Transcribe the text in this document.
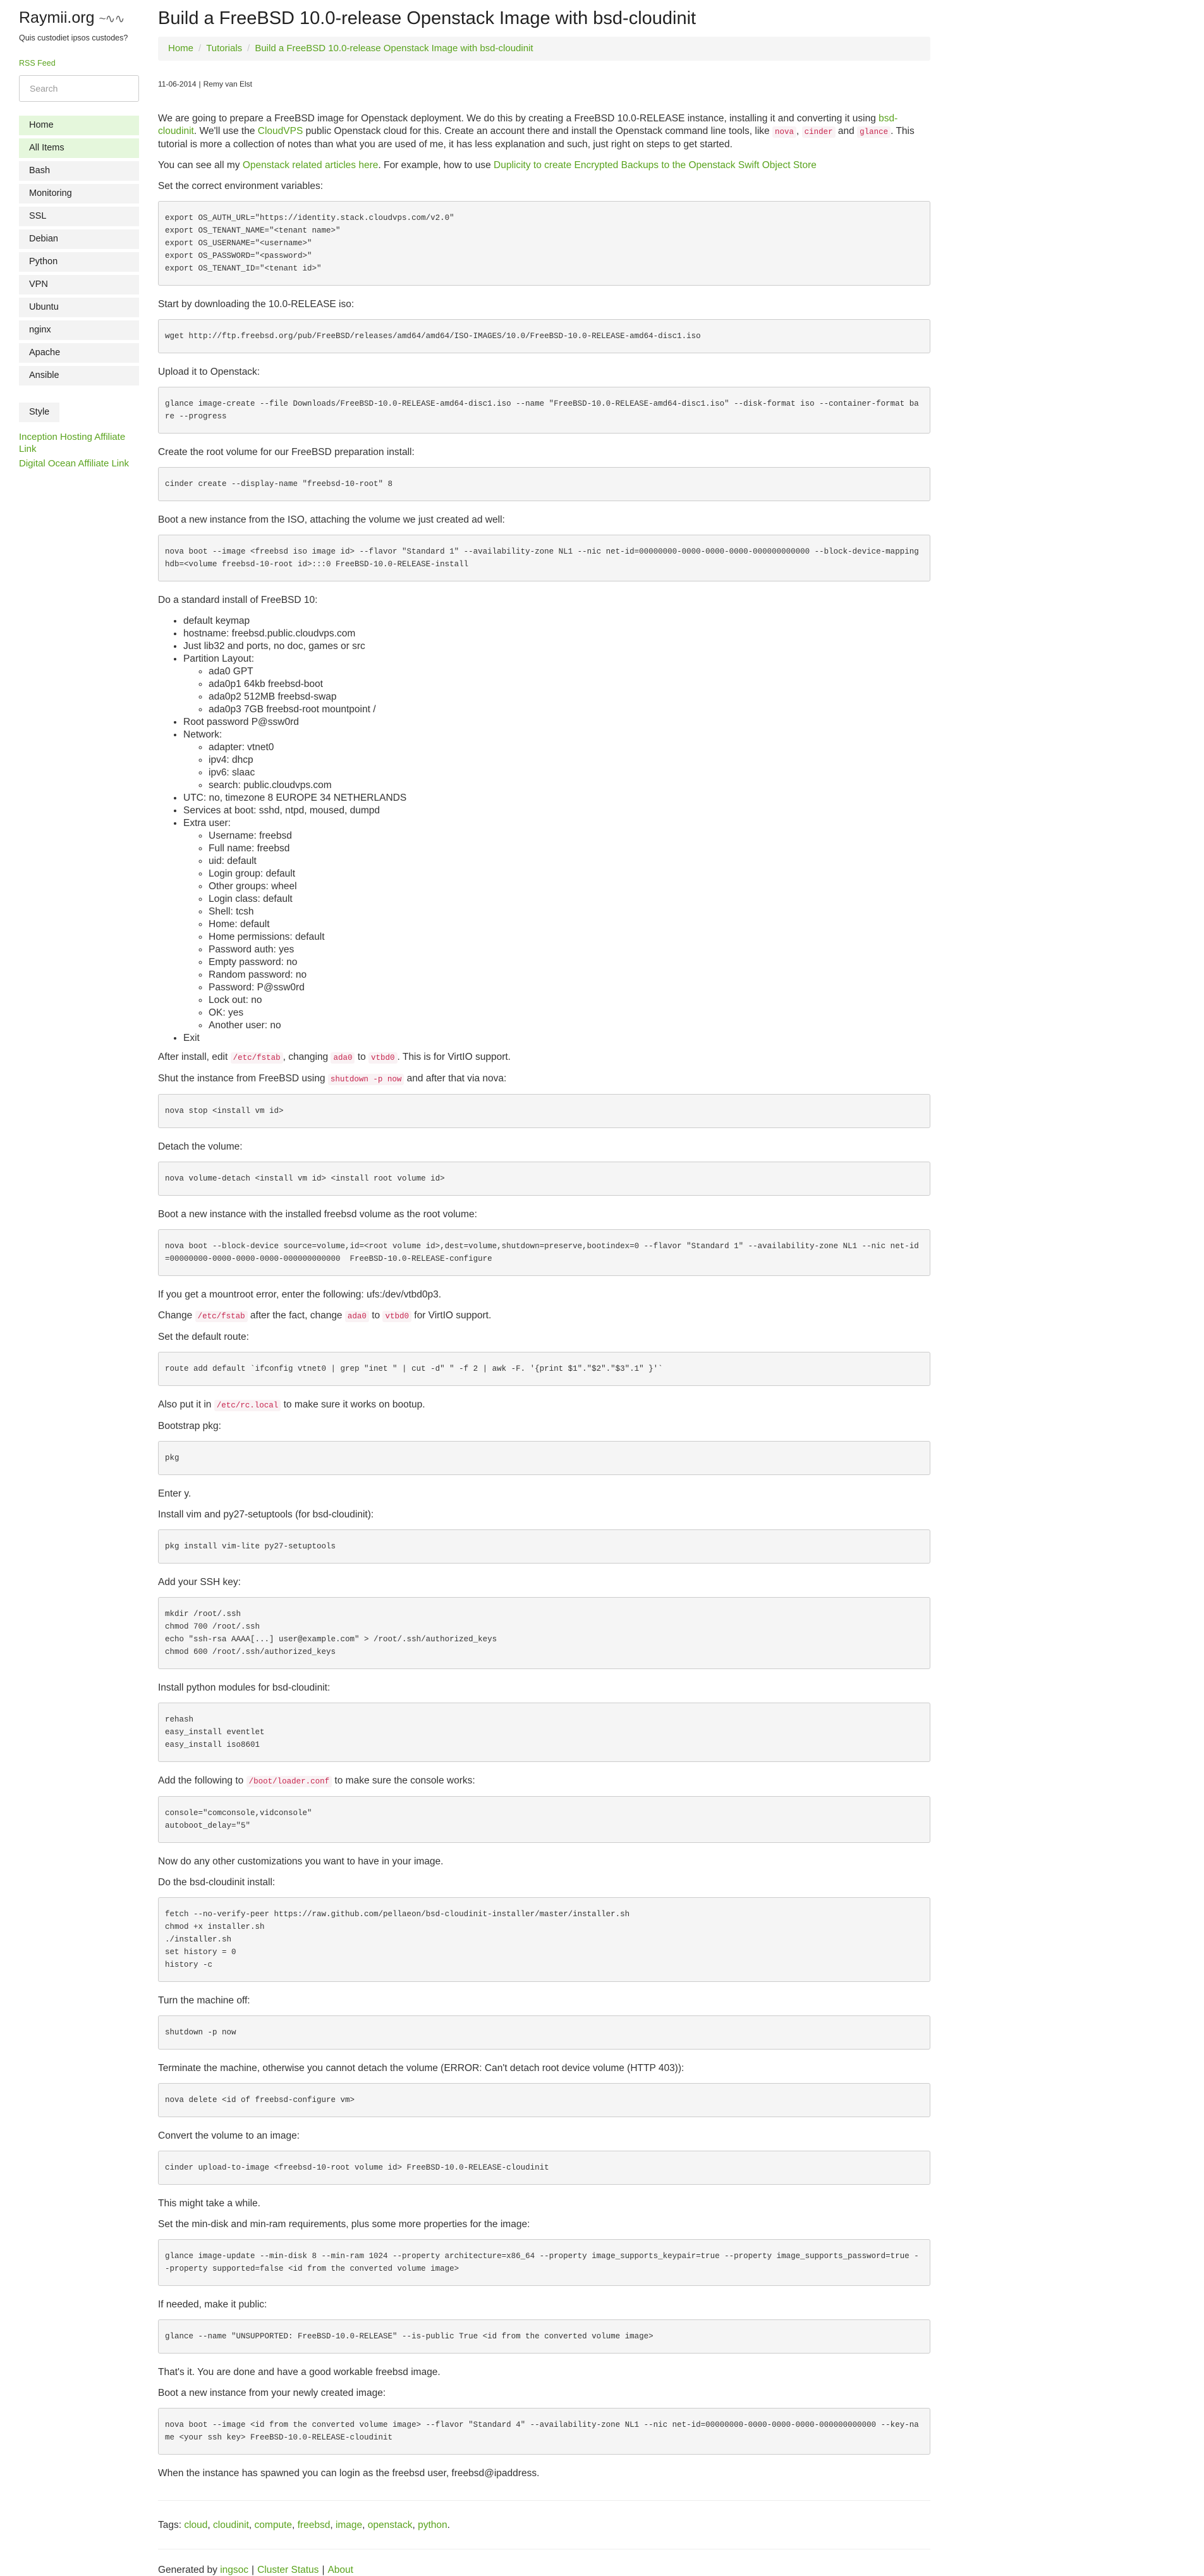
Raymii.org ~∿∿
Quis custodiet ipsos custodes?
RSS Feed
Search
Home
All Items
Bash
Monitoring
SSL
Debian
Python
VPN
Ubuntu
nginx
Apache
Ansible
Style
Inception Hosting Affiliate Link
Digital Ocean Affiliate Link
Build a FreeBSD 10.0-release Openstack Image with bsd-cloudinit
Home / Tutorials / Build a FreeBSD 10.0-release Openstack Image with bsd-cloudinit
11-06-2014 | Remy van Elst

We are going to prepare a FreeBSD image for Openstack deployment. We do this by creating a FreeBSD 10.0-RELEASE instance, installing it and converting it using bsd-cloudinit. We'll use the CloudVPS public Openstack cloud for this. Create an account there and install the Openstack command line tools, like nova , cinder and glance . This tutorial is more a collection of notes than what you are used of me, it has less explanation and such, just right on steps to get started.

You can see all my Openstack related articles here. For example, how to use Duplicity to create Encrypted Backups to the Openstack Swift Object Store

Set the correct environment variables:

export OS_AUTH_URL="https://identity.stack.cloudvps.com/v2.0"
export OS_TENANT_NAME="<tenant name>"
export OS_USERNAME="<username>"
export OS_PASSWORD="<password>"
export OS_TENANT_ID="<tenant id>"

Start by downloading the 10.0-RELEASE iso:

wget http://ftp.freebsd.org/pub/FreeBSD/releases/amd64/amd64/ISO-IMAGES/10.0/FreeBSD-10.0-RELEASE-amd64-disc1.iso

Upload it to Openstack:

glance image-create --file Downloads/FreeBSD-10.0-RELEASE-amd64-disc1.iso --name "FreeBSD-10.0-RELEASE-amd64-disc1.iso" --disk-format iso --container-format bare --progress

Create the root volume for our FreeBSD preparation install:

cinder create --display-name "freebsd-10-root" 8

Boot a new instance from the ISO, attaching the volume we just created ad well:

nova boot --image <freebsd iso image id> --flavor "Standard 1" --availability-zone NL1 --nic net-id=00000000-0000-0000-0000-000000000000 --block-device-mapping hdb=<volume freebsd-10-root id>:::0 FreeBSD-10.0-RELEASE-install

Do a standard install of FreeBSD 10:

• default keymap
• hostname: freebsd.public.cloudvps.com
• Just lib32 and ports, no doc, games or src
• Partition Layout:
◦ ada0 GPT
◦ ada0p1 64kb freebsd-boot
◦ ada0p2 512MB freebsd-swap
◦ ada0p3 7GB freebsd-root mountpoint /
• Root password P@ssw0rd
• Network:
◦ adapter: vtnet0
◦ ipv4: dhcp
◦ ipv6: slaac
◦ search: public.cloudvps.com
• UTC: no, timezone 8 EUROPE 34 NETHERLANDS
• Services at boot: sshd, ntpd, moused, dumpd
• Extra user:
◦ Username: freebsd
◦ Full name: freebsd
◦ uid: default
◦ Login group: default
◦ Other groups: wheel
◦ Login class: default
◦ Shell: tcsh
◦ Home: default
◦ Home permissions: default
◦ Password auth: yes
◦ Empty password: no
◦ Random password: no
◦ Password: P@ssw0rd
◦ Lock out: no
◦ OK: yes
◦ Another user: no
• Exit

After install, edit /etc/fstab , changing ada0 to vtbd0 . This is for VirtIO support.

Shut the instance from FreeBSD using shutdown -p now and after that via nova:

nova stop <install vm id>

Detach the volume:

nova volume-detach <install vm id> <install root volume id>

Boot a new instance with the installed freebsd volume as the root volume:

nova boot --block-device source=volume,id=<root volume id>,dest=volume,shutdown=preserve,bootindex=0 --flavor "Standard 1" --availability-zone NL1 --nic net-id=00000000-0000-0000-0000-000000000000  FreeBSD-10.0-RELEASE-configure

If you get a mountroot error, enter the following: ufs:/dev/vtbd0p3.

Change /etc/fstab after the fact, change ada0 to vtbd0 for VirtIO support.

Set the default route:

route add default `ifconfig vtnet0 | grep "inet " | cut -d" " -f 2 | awk -F. '{print $1"."$2"."$3".1" }'`

Also put it in /etc/rc.local to make sure it works on bootup.

Bootstrap pkg:

pkg

Enter y.

Install vim and py27-setuptools (for bsd-cloudinit):

pkg install vim-lite py27-setuptools

Add your SSH key:

mkdir /root/.ssh
chmod 700 /root/.ssh
echo "ssh-rsa AAAA[...] user@example.com" > /root/.ssh/authorized_keys
chmod 600 /root/.ssh/authorized_keys

Install python modules for bsd-cloudinit:

rehash
easy_install eventlet
easy_install iso8601

Add the following to /boot/loader.conf to make sure the console works:

console="comconsole,vidconsole"
autoboot_delay="5"

Now do any other customizations you want to have in your image.

Do the bsd-cloudinit install:

fetch --no-verify-peer https://raw.github.com/pellaeon/bsd-cloudinit-installer/master/installer.sh
chmod +x installer.sh
./installer.sh
set history = 0
history -c

Turn the machine off:

shutdown -p now

Terminate the machine, otherwise you cannot detach the volume (ERROR: Can't detach root device volume (HTTP 403)):

nova delete <id of freebsd-configure vm>

Convert the volume to an image:

cinder upload-to-image <freebsd-10-root volume id> FreeBSD-10.0-RELEASE-cloudinit

This might take a while.

Set the min-disk and min-ram requirements, plus some more properties for the image:

glance image-update --min-disk 8 --min-ram 1024 --property architecture=x86_64 --property image_supports_keypair=true --property image_supports_password=true --property supported=false <id from the converted volume image>

If needed, make it public:

glance --name "UNSUPPORTED: FreeBSD-10.0-RELEASE" --is-public True <id from the converted volume image>

That's it. You are done and have a good workable freebsd image.

Boot a new instance from your newly created image:

nova boot --image <id from the converted volume image> --flavor "Standard 4" --availability-zone NL1 --nic net-id=00000000-0000-0000-0000-000000000000 --key-name <your ssh key> FreeBSD-10.0-RELEASE-cloudinit

When the instance has spawned you can login as the freebsd user, freebsd@ipaddress.

Tags: cloud, cloudinit, compute, freebsd, image, openstack, python.
Generated by ingsoc | Cluster Status | About
